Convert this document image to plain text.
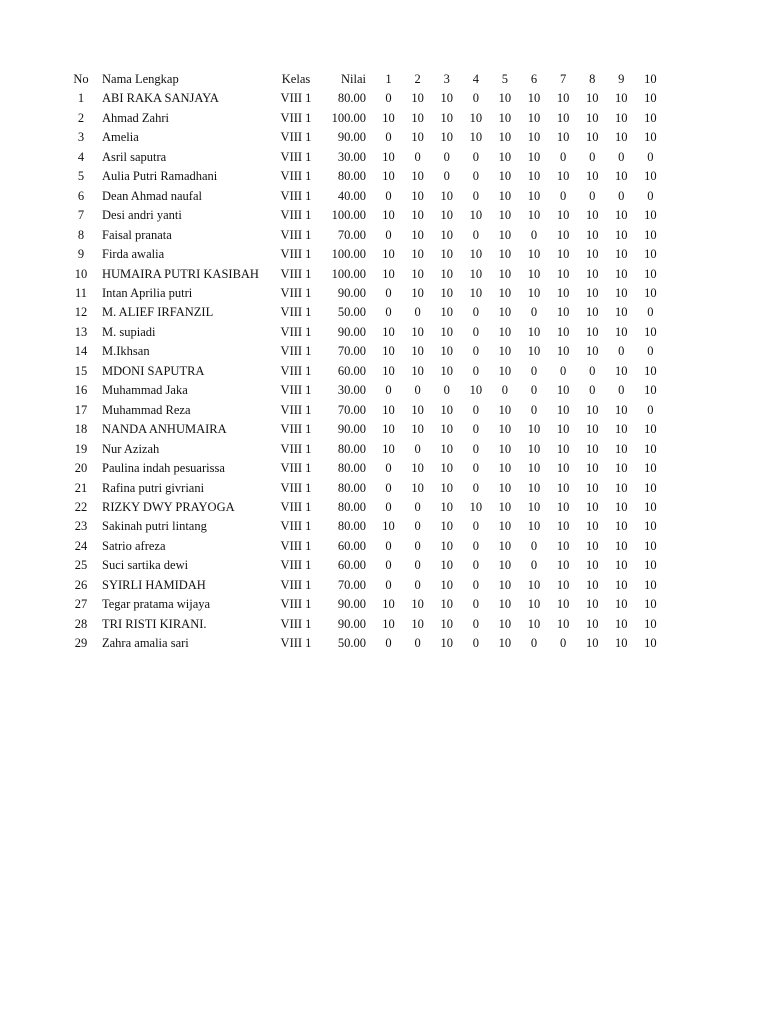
No	Nama Lengkap	Kelas	Nilai	1	2	3	4	5	6	7	8	9	10
1	ABI RAKA SANJAYA	VIII 1	80.00	0	10	10	0	10	10	10	10	10	10
2	Ahmad Zahri	VIII 1	100.00	10	10	10	10	10	10	10	10	10	10
3	Amelia	VIII 1	90.00	0	10	10	10	10	10	10	10	10	10
4	Asril saputra	VIII 1	30.00	10	0	0	0	10	10	0	0	0	0
5	Aulia Putri Ramadhani	VIII 1	80.00	10	10	0	0	10	10	10	10	10	10
6	Dean Ahmad naufal	VIII 1	40.00	0	10	10	0	10	10	0	0	0	0
7	Desi andri yanti	VIII 1	100.00	10	10	10	10	10	10	10	10	10	10
8	Faisal pranata	VIII 1	70.00	0	10	10	0	10	0	10	10	10	10
9	Firda awalia	VIII 1	100.00	10	10	10	10	10	10	10	10	10	10
10	HUMAIRA PUTRI KASIBAH	VIII 1	100.00	10	10	10	10	10	10	10	10	10	10
11	Intan Aprilia putri	VIII 1	90.00	0	10	10	10	10	10	10	10	10	10
12	M. ALIEF IRFANZIL	VIII 1	50.00	0	0	10	0	10	0	10	10	10	0
13	M. supiadi	VIII 1	90.00	10	10	10	0	10	10	10	10	10	10
14	M.Ikhsan	VIII 1	70.00	10	10	10	0	10	10	10	10	0	0
15	MDONI SAPUTRA	VIII 1	60.00	10	10	10	0	10	0	0	0	10	10
16	Muhammad Jaka	VIII 1	30.00	0	0	0	10	0	0	10	0	0	10
17	Muhammad Reza	VIII 1	70.00	10	10	10	0	10	0	10	10	10	0
18	NANDA ANHUMAIRA	VIII 1	90.00	10	10	10	0	10	10	10	10	10	10
19	Nur Azizah	VIII 1	80.00	10	0	10	0	10	10	10	10	10	10
20	Paulina indah pesuarissa	VIII 1	80.00	0	10	10	0	10	10	10	10	10	10
21	Rafina putri givriani	VIII 1	80.00	0	10	10	0	10	10	10	10	10	10
22	RIZKY DWY PRAYOGA	VIII 1	80.00	0	0	10	10	10	10	10	10	10	10
23	Sakinah putri lintang	VIII 1	80.00	10	0	10	0	10	10	10	10	10	10
24	Satrio afreza	VIII 1	60.00	0	0	10	0	10	0	10	10	10	10
25	Suci sartika dewi	VIII 1	60.00	0	0	10	0	10	0	10	10	10	10
26	SYIRLI HAMIDAH	VIII 1	70.00	0	0	10	0	10	10	10	10	10	10
27	Tegar pratama wijaya	VIII 1	90.00	10	10	10	0	10	10	10	10	10	10
28	TRI RISTI KIRANI.	VIII 1	90.00	10	10	10	0	10	10	10	10	10	10
29	Zahra amalia sari	VIII 1	50.00	0	0	10	0	10	0	0	10	10	10
